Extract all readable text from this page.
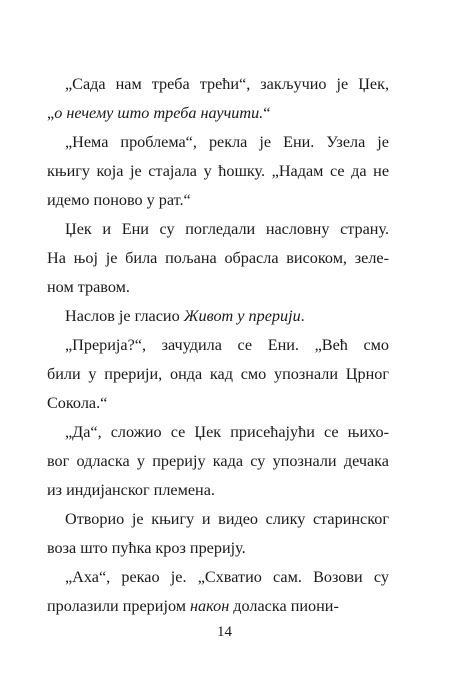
„Сада нам треба трећи“, закључио је Џек,
„о нечему што треба научити.“
„Нема проблема“, рекла је Ени. Узела је
књигу која је стајала у ћошку. „Надам се да не
идемо поново у рат.“
Џек и Ени су погледали насловну страну.
На њој је била пољана обрасла високом, зеле-
ном травом.
Наслов је гласио Живот у прерији.
„Прерија?“, зачудила се Ени. „Већ смо
били у прерији, онда кад смо упознали Црног
Сокола.“
„Да“, сложио се Џек присећајући се њихо-
вог одласка у прерију када су упознали дечака
из индијанског племена.
Отворио је књигу и видео слику старинског
воза што пућка кроз прерију.
„Аха“, рекао је. „Схватио сам. Возови су
пролазили преријом након доласка пиони-
14
